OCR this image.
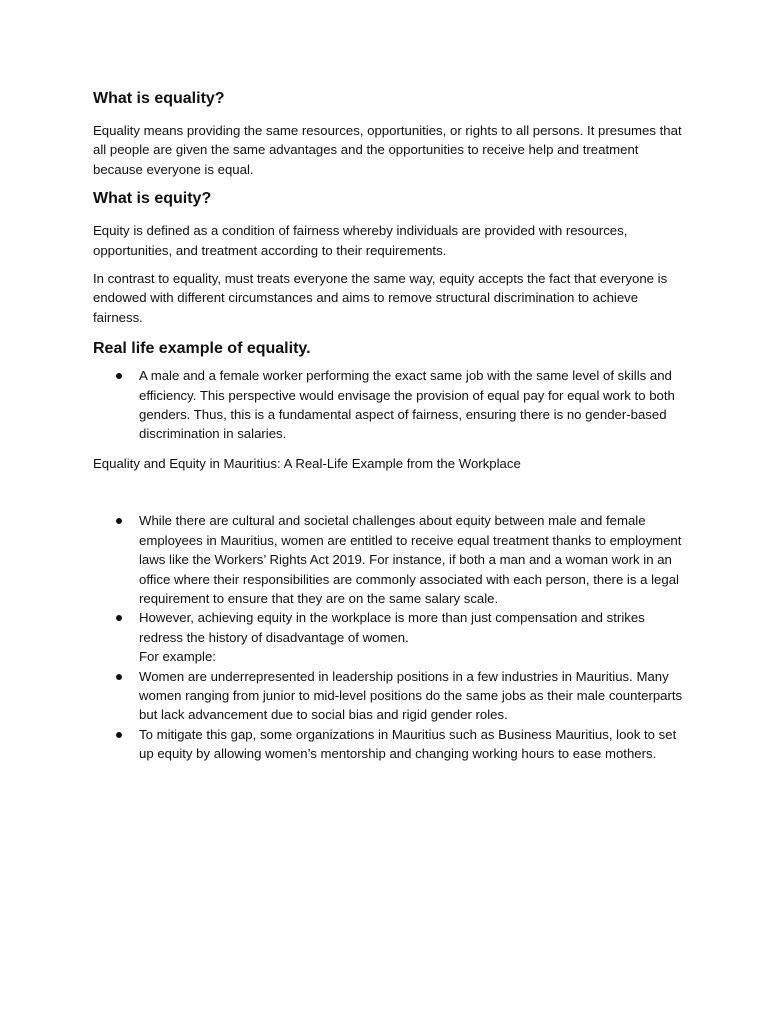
What is equality?

Equality means providing the same resources, opportunities, or rights to all persons. It presumes that all people are given the same advantages and the opportunities to receive help and treatment because everyone is equal.

What is equity?

Equity is defined as a condition of fairness whereby individuals are provided with resources, opportunities, and treatment according to their requirements.

In contrast to equality, must treats everyone the same way, equity accepts the fact that everyone is endowed with different circumstances and aims to remove structural discrimination to achieve fairness.

Real life example of equality.
A male and a female worker performing the exact same job with the same level of skills and efficiency. This perspective would envisage the provision of equal pay for equal work to both genders. Thus, this is a fundamental aspect of fairness, ensuring there is no gender-based discrimination in salaries.

Equality and Equity in Mauritius: A Real-Life Example from the Workplace

While there are cultural and societal challenges about equity between male and female employees in Mauritius, women are entitled to receive equal treatment thanks to employment laws like the Workers’ Rights Act 2019. For instance, if both a man and a woman work in an office where their responsibilities are commonly associated with each person, there is a legal requirement to ensure that they are on the same salary scale.
However, achieving equity in the workplace is more than just compensation and strikes redress the history of disadvantage of women.
For example:
Women are underrepresented in leadership positions in a few industries in Mauritius. Many women ranging from junior to mid-level positions do the same jobs as their male counterparts but lack advancement due to social bias and rigid gender roles.
To mitigate this gap, some organizations in Mauritius such as Business Mauritius, look to set up equity by allowing women’s mentorship and changing working hours to ease mothers.
